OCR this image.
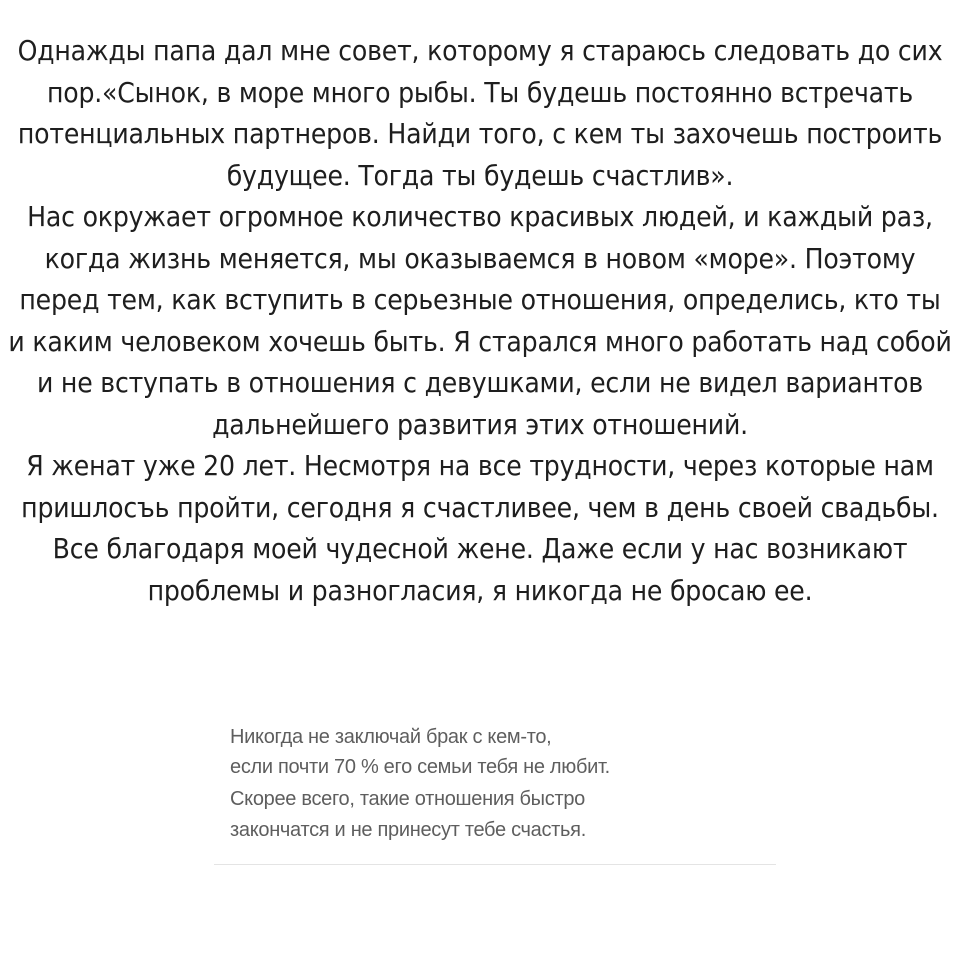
Однажды папа дал мне совет, которому я стараюсь следовать до сих
пор.«Сынок, в море много рыбы. Ты будешь постоянно встречать
потенциальных партнеров. Найди того, с кем ты захочешь построить
будущее. Тогда ты будешь счастлив».
Нас окружает огромное количество красивых людей, и каждый раз,
когда жизнь меняется, мы оказываемся в новом «море». Поэтому
перед тем, как вступить в серьезные отношения, определись, кто ты
и каким человеком хочешь быть. Я старался много работать над собой
и не вступать в отношения с девушками, если не видел вариантов
дальнейшего развития этих отношений.
Я женат уже 20 лет. Несмотря на все трудности, через которые нам
пришлосъь пройти, сегодня я счастливее, чем в день своей свадьбы.
Все благодаря моей чудесной жене. Даже если у нас возникают
проблемы и разногласия, я никогда не бросаю ее.
Никогда не заключай брак с кем-то,
если почти 70 % его семьи тебя не любит.
Скорее всего, такие отношения быстро
закончатся и не принесут тебе счастья.
